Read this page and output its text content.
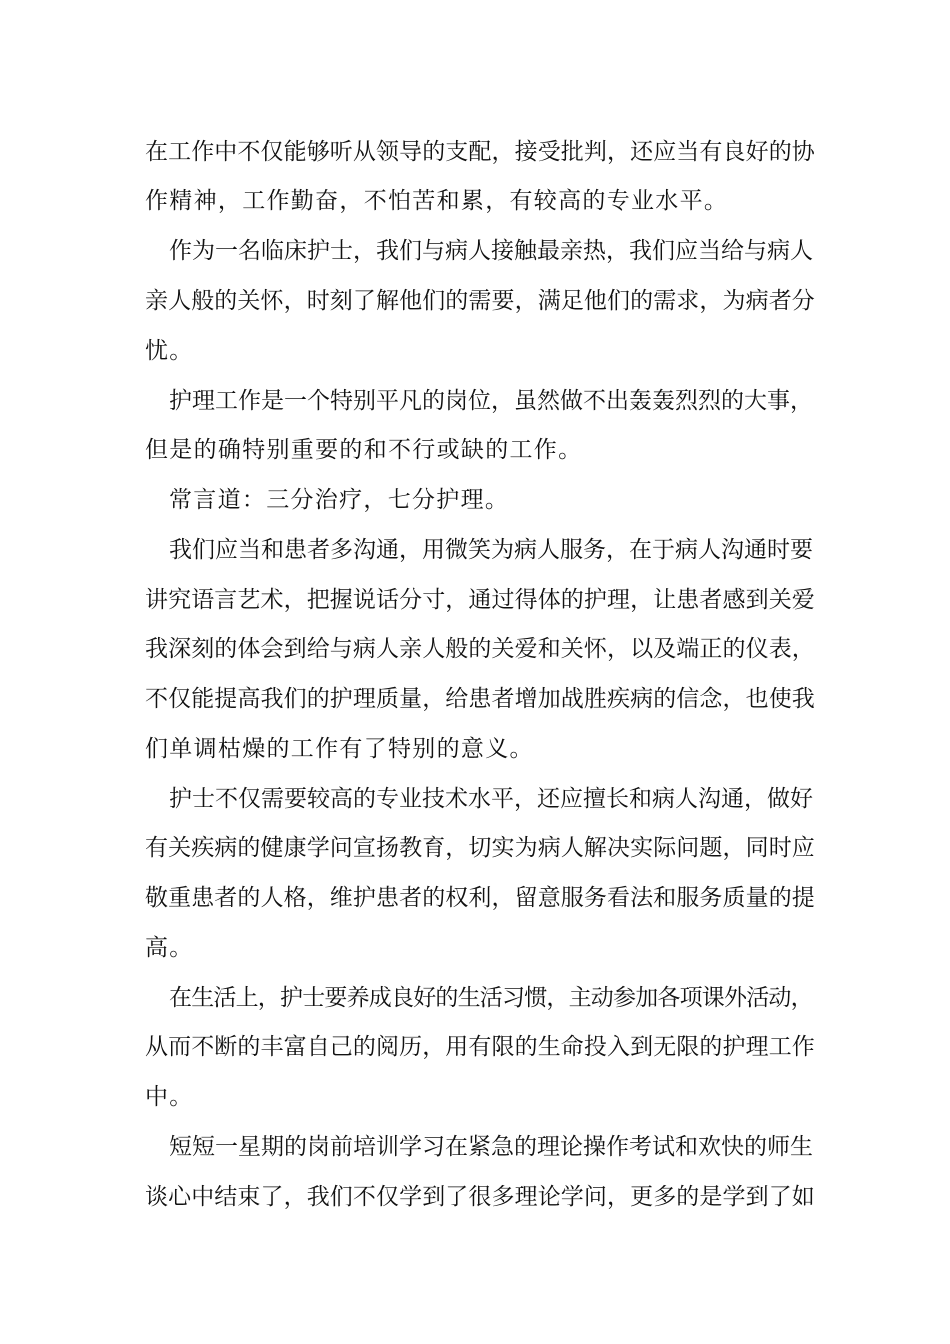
在工作中不仅能够听从领导的支配，接受批判，还应当有良好的协
作精神，工作勤奋，不怕苦和累，有较高的专业水平。
作为一名临床护士，我们与病人接触最亲热，我们应当给与病人
亲人般的关怀，时刻了解他们的需要，满足他们的需求，为病者分
忧。
护理工作是一个特别平凡的岗位，虽然做不出轰轰烈烈的大事，
但是的确特别重要的和不行或缺的工作。
常言道：三分治疗，七分护理。
我们应当和患者多沟通，用微笑为病人服务，在于病人沟通时要
讲究语言艺术，把握说话分寸，通过得体的护理，让患者感到关爱
我深刻的体会到给与病人亲人般的关爱和关怀，以及端正的仪表，
不仅能提高我们的护理质量，给患者增加战胜疾病的信念，也使我
们单调枯燥的工作有了特别的意义。
护士不仅需要较高的专业技术水平，还应擅长和病人沟通，做好
有关疾病的健康学问宣扬教育，切实为病人解决实际问题，同时应
敬重患者的人格，维护患者的权利，留意服务看法和服务质量的提
高。
在生活上，护士要养成良好的生活习惯，主动参加各项课外活动，
从而不断的丰富自己的阅历，用有限的生命投入到无限的护理工作
中。
短短一星期的岗前培训学习在紧急的理论操作考试和欢快的师生
谈心中结束了，我们不仅学到了很多理论学问，更多的是学到了如
